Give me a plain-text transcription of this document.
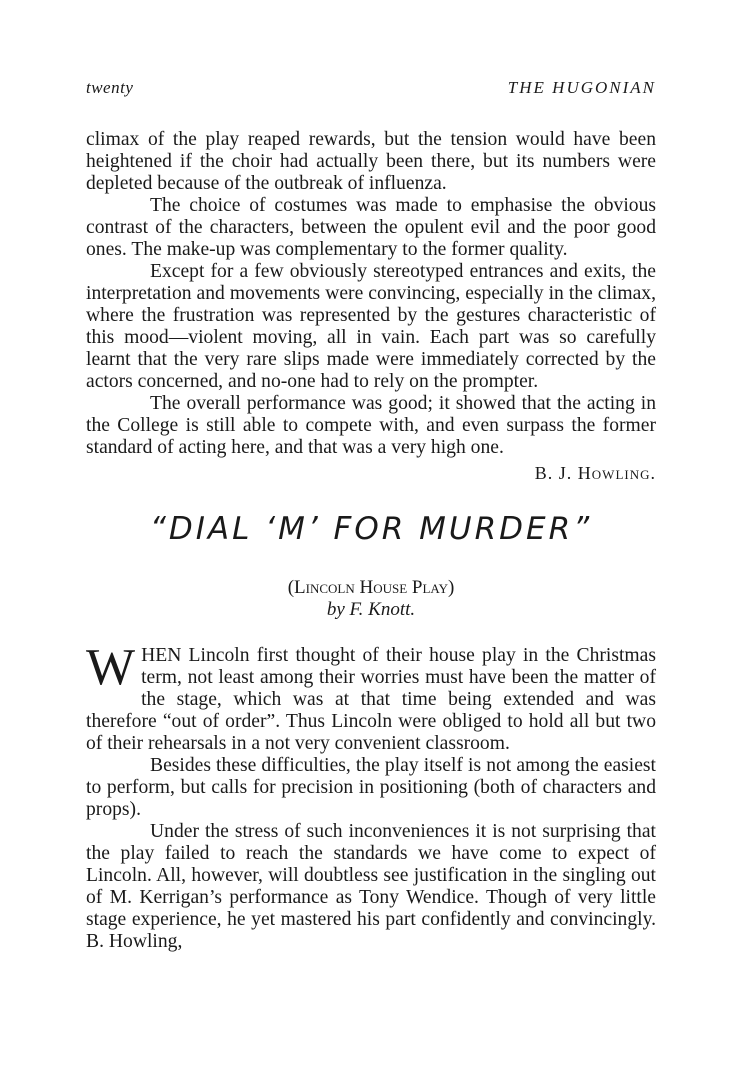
twenty	THE HUGONIAN

climax of the play reaped rewards, but the tension would have been heightened if the choir had actually been there, but its numbers were depleted because of the outbreak of influenza.

The choice of costumes was made to emphasise the obvious contrast of the characters, between the opulent evil and the poor good ones. The make-up was complementary to the former quality.

Except for a few obviously stereotyped entrances and exits, the interpretation and movements were convincing, especially in the climax, where the frustration was represented by the gestures characteristic of this mood—violent moving, all in vain. Each part was so carefully learnt that the very rare slips made were immediately corrected by the actors concerned, and no-one had to rely on the prompter.

The overall performance was good; it showed that the acting in the College is still able to compete with, and even surpass the former standard of acting here, and that was a very high one.

B. J. Howling.
“DIAL ‘M’ FOR MURDER”
(Lincoln House Play)
by F. Knott.

WHEN Lincoln first thought of their house play in the Christmas term, not least among their worries must have been the matter of the stage, which was at that time being extended and was therefore “out of order”. Thus Lincoln were obliged to hold all but two of their rehearsals in a not very convenient classroom.

Besides these difficulties, the play itself is not among the easiest to perform, but calls for precision in positioning (both of characters and props).

Under the stress of such inconveniences it is not surprising that the play failed to reach the standards we have come to expect of Lincoln. All, however, will doubtless see justification in the singling out of M. Kerrigan’s performance as Tony Wendice. Though of very little stage experience, he yet mastered his part confidently and convincingly. B. Howling,
